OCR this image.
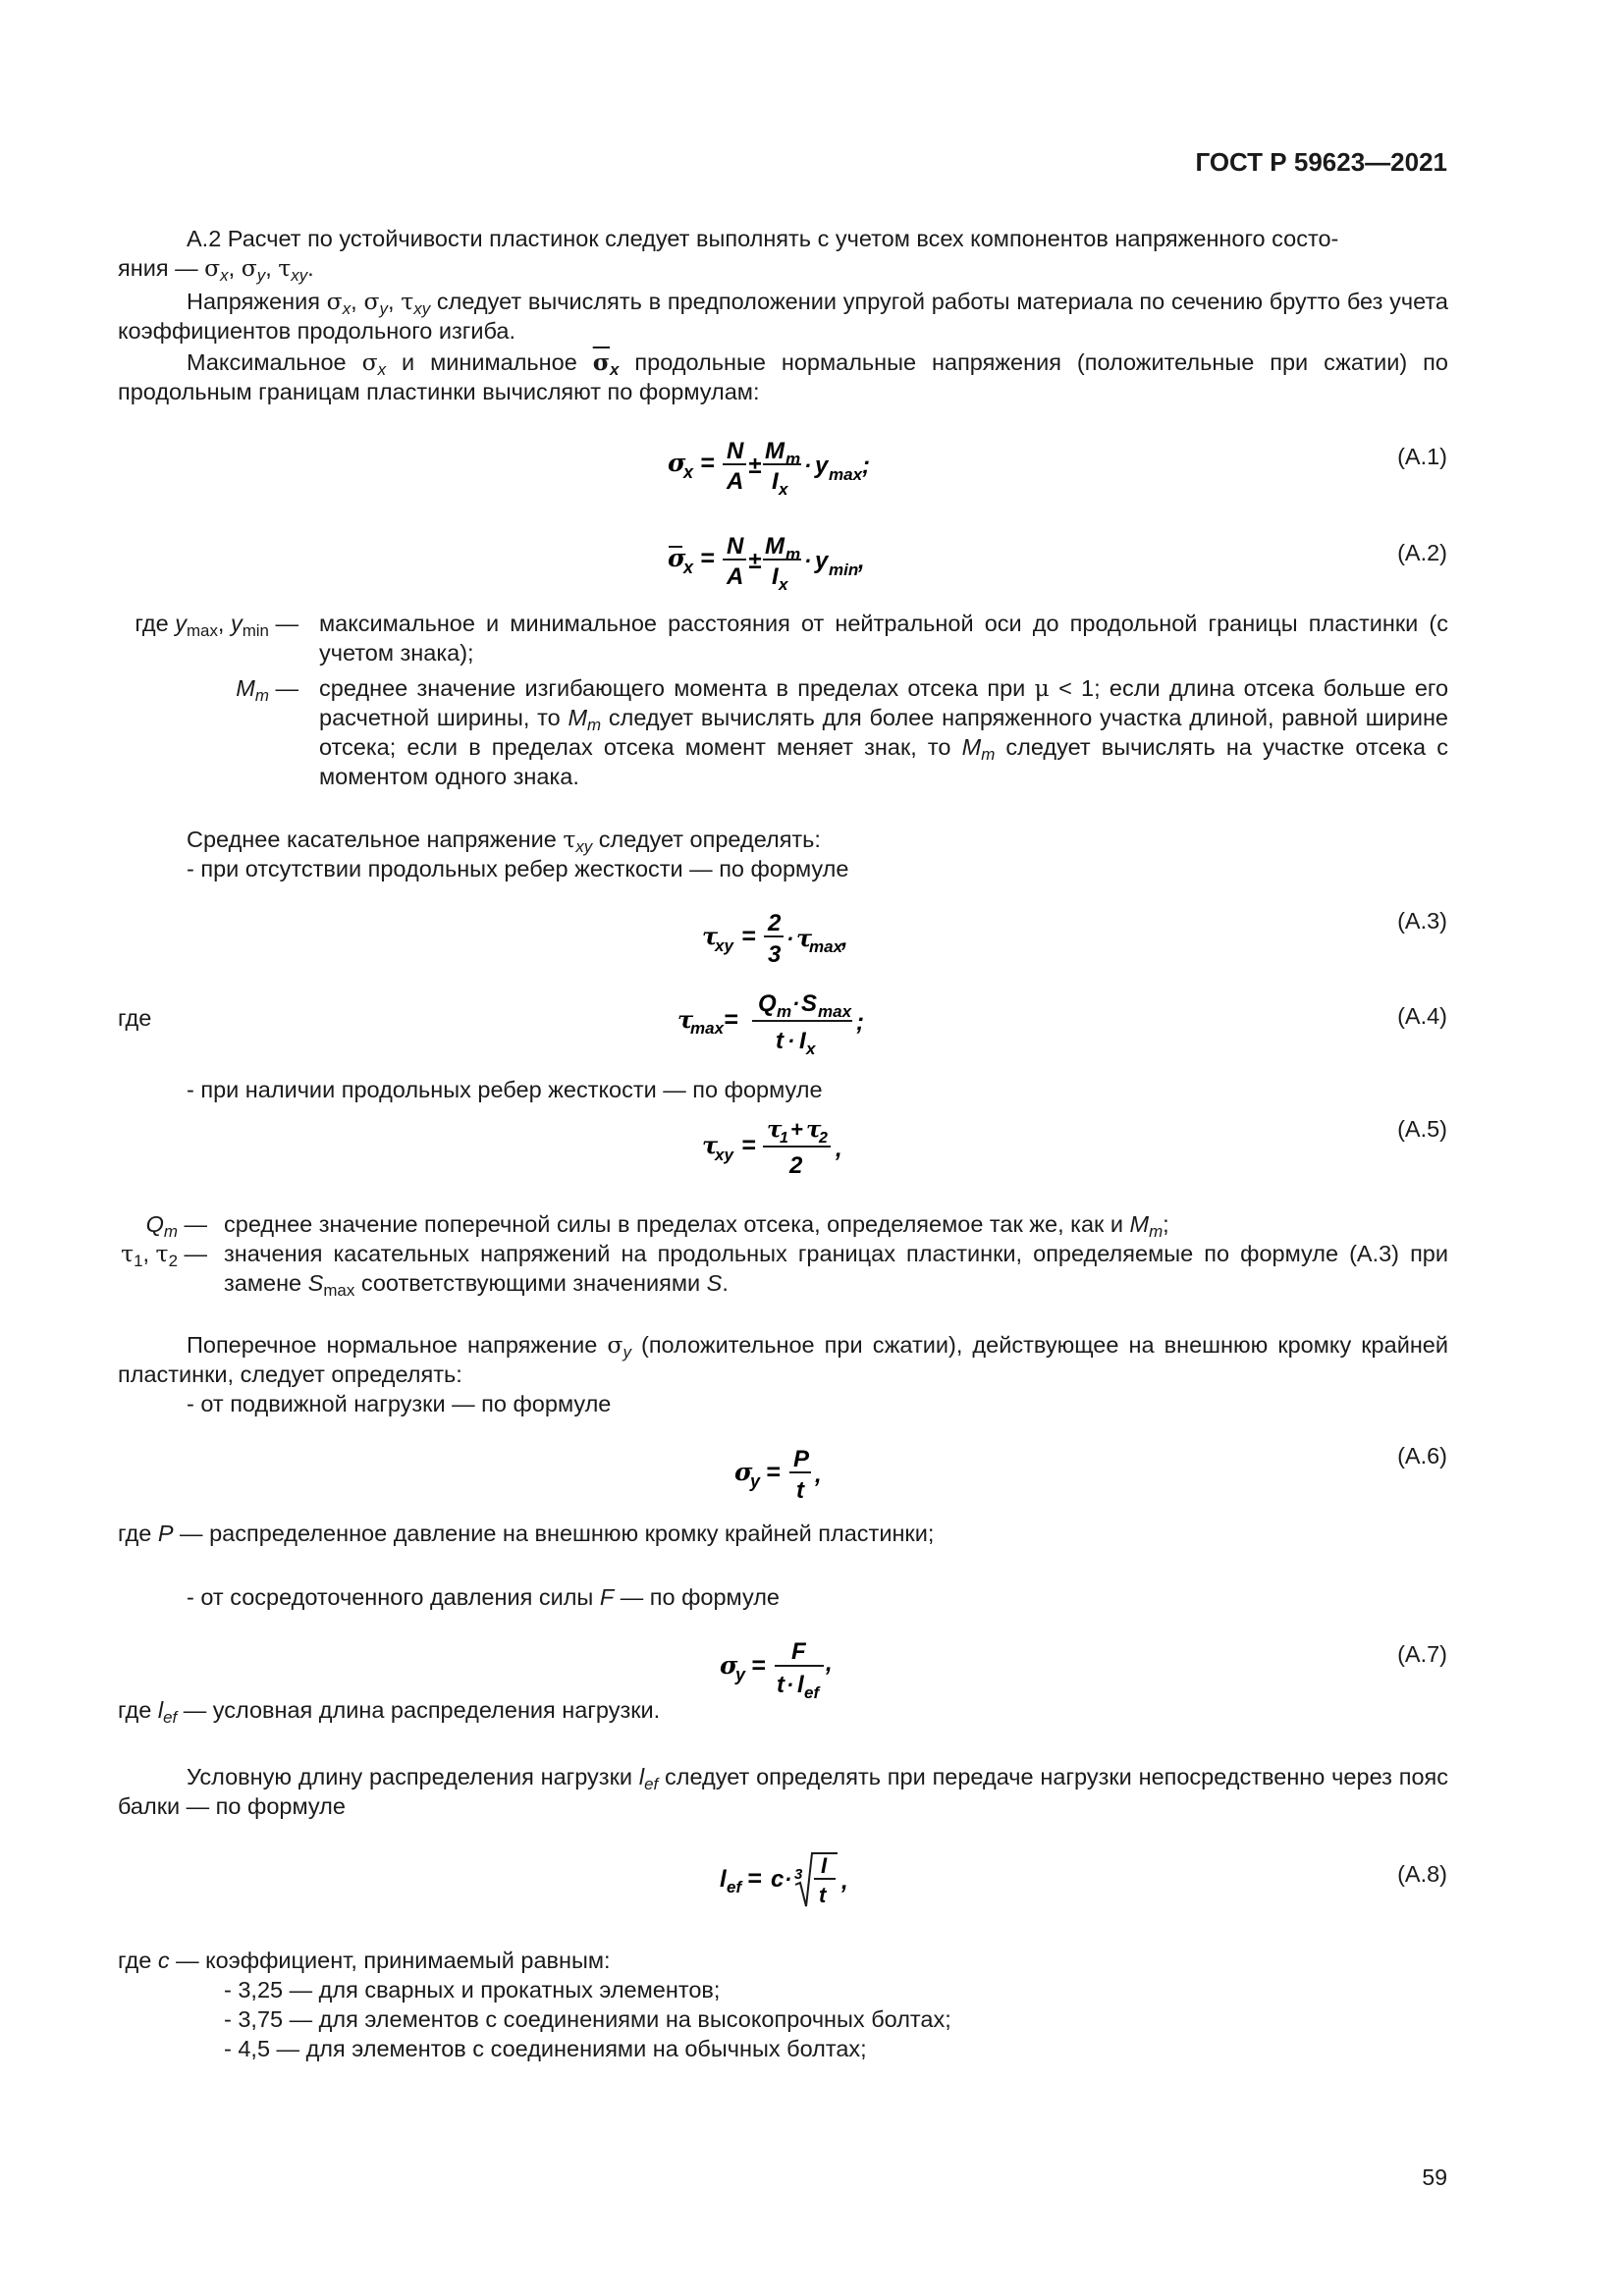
ГОСТ Р 59623—2021
А.2 Расчет по устойчивости пластинок следует выполнять с учетом всех компонентов напряженного состо-
яния — $\sigma_x$, $\sigma_y$, $\tau_{xy}$.
Напряжения $\sigma_x$, $\sigma_y$, $\tau_{xy}$ следует вычислять в предположении упругой работы материала по сечению брутто без учета коэффициентов продольного изгиба.
Максимальное $\sigma_x$ и минимальное $\overline{\sigma}_x$ продольные нормальные напряжения (положительные при сжатии) по продольным границам пластинки вычисляют по формулам:
σ
x = N
A
±
M m
I x
· y max ;	(А.1)
σ
x = N
A
±
M m
I x
· y min ,	(А.2)
где $y_{max}$, $y_{min}$ — максимальное и минимальное расстояния от нейтральной оси до продольной границы пластинки (с учетом знака);
$M_m$ — среднее значение изгибающего момента в пределах отсека при μ < 1; если длина отсека больше его расчетной ширины, то $M_m$ следует вычислять для более напряженного участка длиной, равной ширине отсека; если в пределах отсека момент меняет знак, то $M_m$ следует вычислять на участке отсека с моментом одного знака.
Среднее касательное напряжение $\tau_{xy}$ следует определять:
- при отсутствии продольных ребер жесткости — по формуле
τ
xy = 2
3
· τ
max
,
(А.3)
где	τ
max =
Q m · S max
t · I x
;	(А.4)
- при наличии продольных ребер жесткости — по формуле
τ
xy =
τ
1 + τ
2
2
,
(А.5)
$Q_m$ — среднее значение поперечной силы в пределах отсека, определяемое так же, как и $M_m$;
$\tau_1$, $\tau_2$ — значения касательных напряжений на продольных границах пластинки, определяемые по формуле (А.3) при замене $S_{max}$ соответствующими значениями S.
Поперечное нормальное напряжение $\sigma_y$ (положительное при сжатии), действующее на внешнюю кромку крайней пластинки, следует определять:
- от подвижной нагрузки — по формуле
σ
y = P
t
,
(А.6)
где P — распределенное давление на внешнюю кромку крайней пластинки;
- от сосредоточенного давления силы F — по формуле
σ
y =
F
t · l ef
,	(А.7)
где $l_{ef}$ — условная длина распределения нагрузки.
Условную длину распределения нагрузки $l_{ef}$ следует определять при передаче нагрузки непосредственно через пояс балки — по формуле
l ef = c · 3 I
t
,	(А.8)
где c — коэффициент, принимаемый равным:
- 3,25 — для сварных и прокатных элементов;
- 3,75 — для элементов с соединениями на высокопрочных болтах;
- 4,5 — для элементов с соединениями на обычных болтах;
59
